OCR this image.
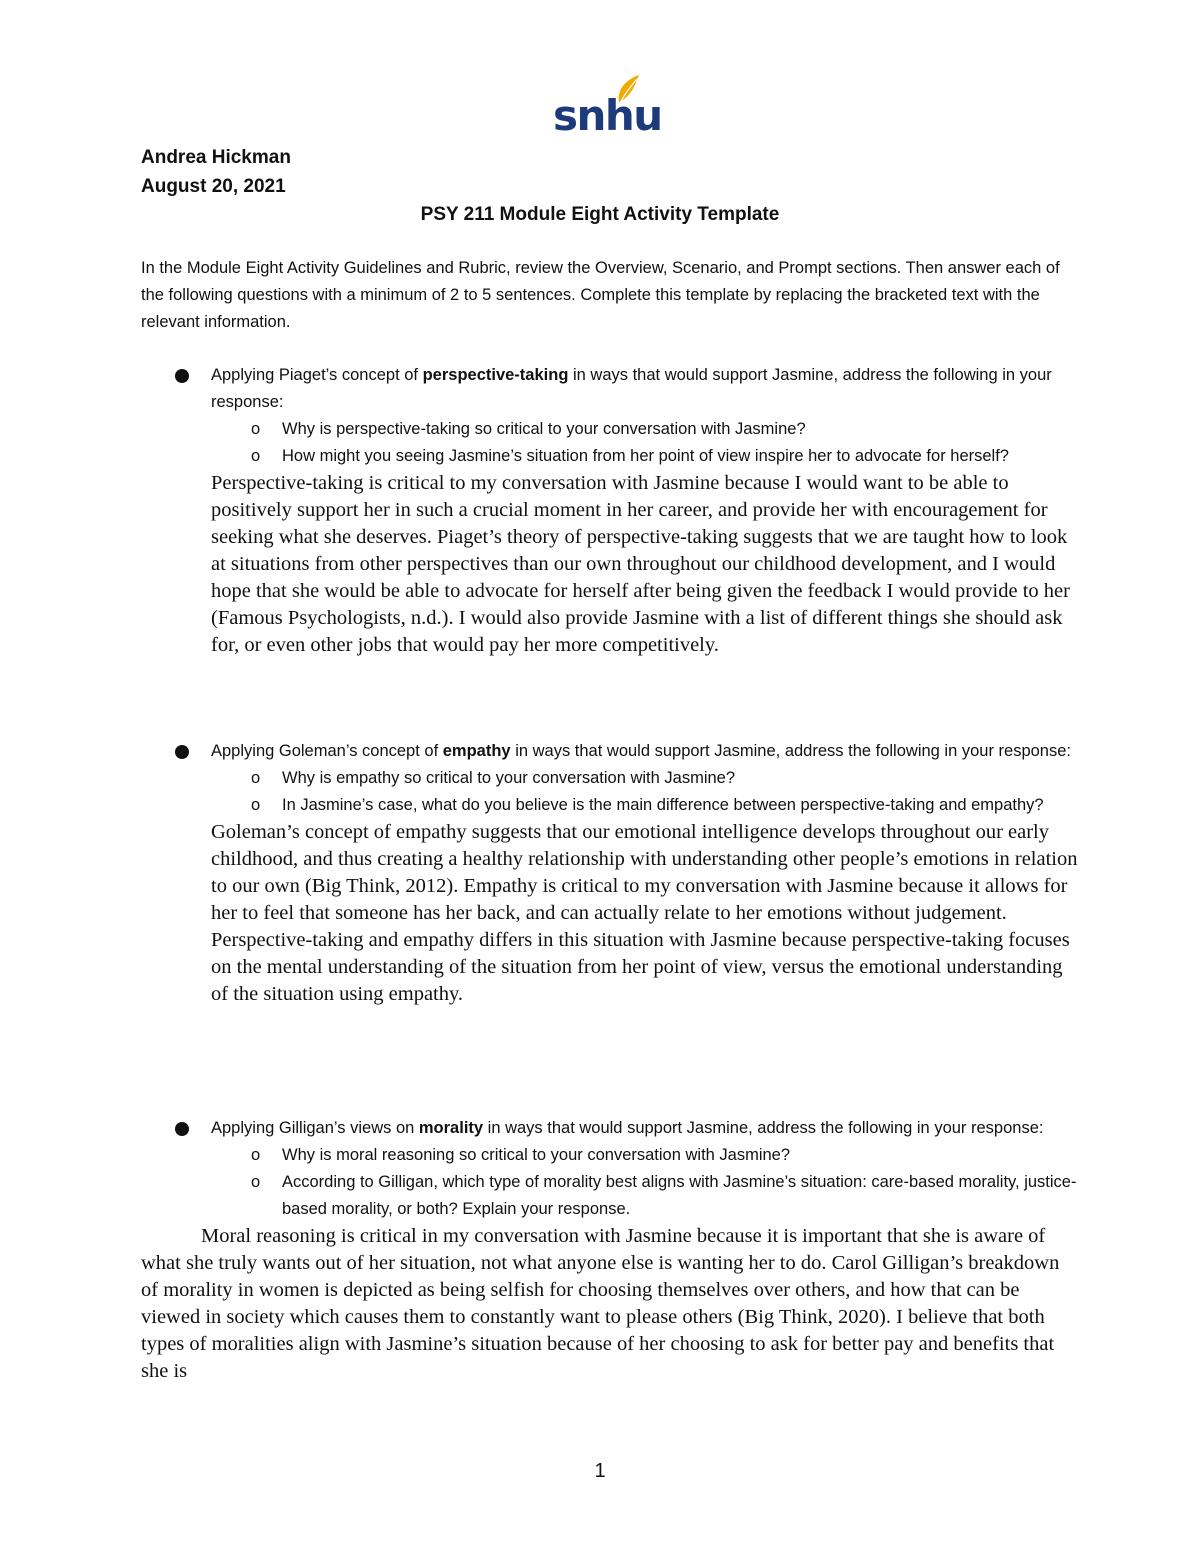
snhu
Andrea Hickman
August 20, 2021
PSY 211 Module Eight Activity Template

In the Module Eight Activity Guidelines and Rubric, review the Overview, Scenario, and Prompt sections. Then answer each of the following questions with a minimum of 2 to 5 sentences. Complete this template by replacing the bracketed text with the relevant information.

Applying Piaget’s concept of perspective-taking in ways that would support Jasmine, address the following in your response:
o Why is perspective-taking so critical to your conversation with Jasmine?
o How might you seeing Jasmine’s situation from her point of view inspire her to advocate for herself?

Perspective-taking is critical to my conversation with Jasmine because I would want to be able to positively support her in such a crucial moment in her career, and provide her with encouragement for seeking what she deserves. Piaget’s theory of perspective-taking suggests that we are taught how to look at situations from other perspectives than our own throughout our childhood development, and I would hope that she would be able to advocate for herself after being given the feedback I would provide to her (Famous Psychologists, n.d.). I would also provide Jasmine with a list of different things she should ask for, or even other jobs that would pay her more competitively.

Applying Goleman’s concept of empathy in ways that would support Jasmine, address the following in your response:
o Why is empathy so critical to your conversation with Jasmine?
o In Jasmine’s case, what do you believe is the main difference between perspective-taking and empathy?

Goleman’s concept of empathy suggests that our emotional intelligence develops throughout our early childhood, and thus creating a healthy relationship with understanding other people’s emotions in relation to our own (Big Think, 2012). Empathy is critical to my conversation with Jasmine because it allows for her to feel that someone has her back, and can actually relate to her emotions without judgement. Perspective-taking and empathy differs in this situation with Jasmine because perspective-taking focuses on the mental understanding of the situation from her point of view, versus the emotional understanding of the situation using empathy.

Applying Gilligan’s views on morality in ways that would support Jasmine, address the following in your response:
o Why is moral reasoning so critical to your conversation with Jasmine?
o According to Gilligan, which type of morality best aligns with Jasmine’s situation: care-based morality, justice-based morality, or both? Explain your response.

Moral reasoning is critical in my conversation with Jasmine because it is important that she is aware of what she truly wants out of her situation, not what anyone else is wanting her to do. Carol Gilligan’s breakdown of morality in women is depicted as being selfish for choosing themselves over others, and how that can be viewed in society which causes them to constantly want to please others (Big Think, 2020). I believe that both types of moralities align with Jasmine’s situation because of her choosing to ask for better pay and benefits that she is

1
